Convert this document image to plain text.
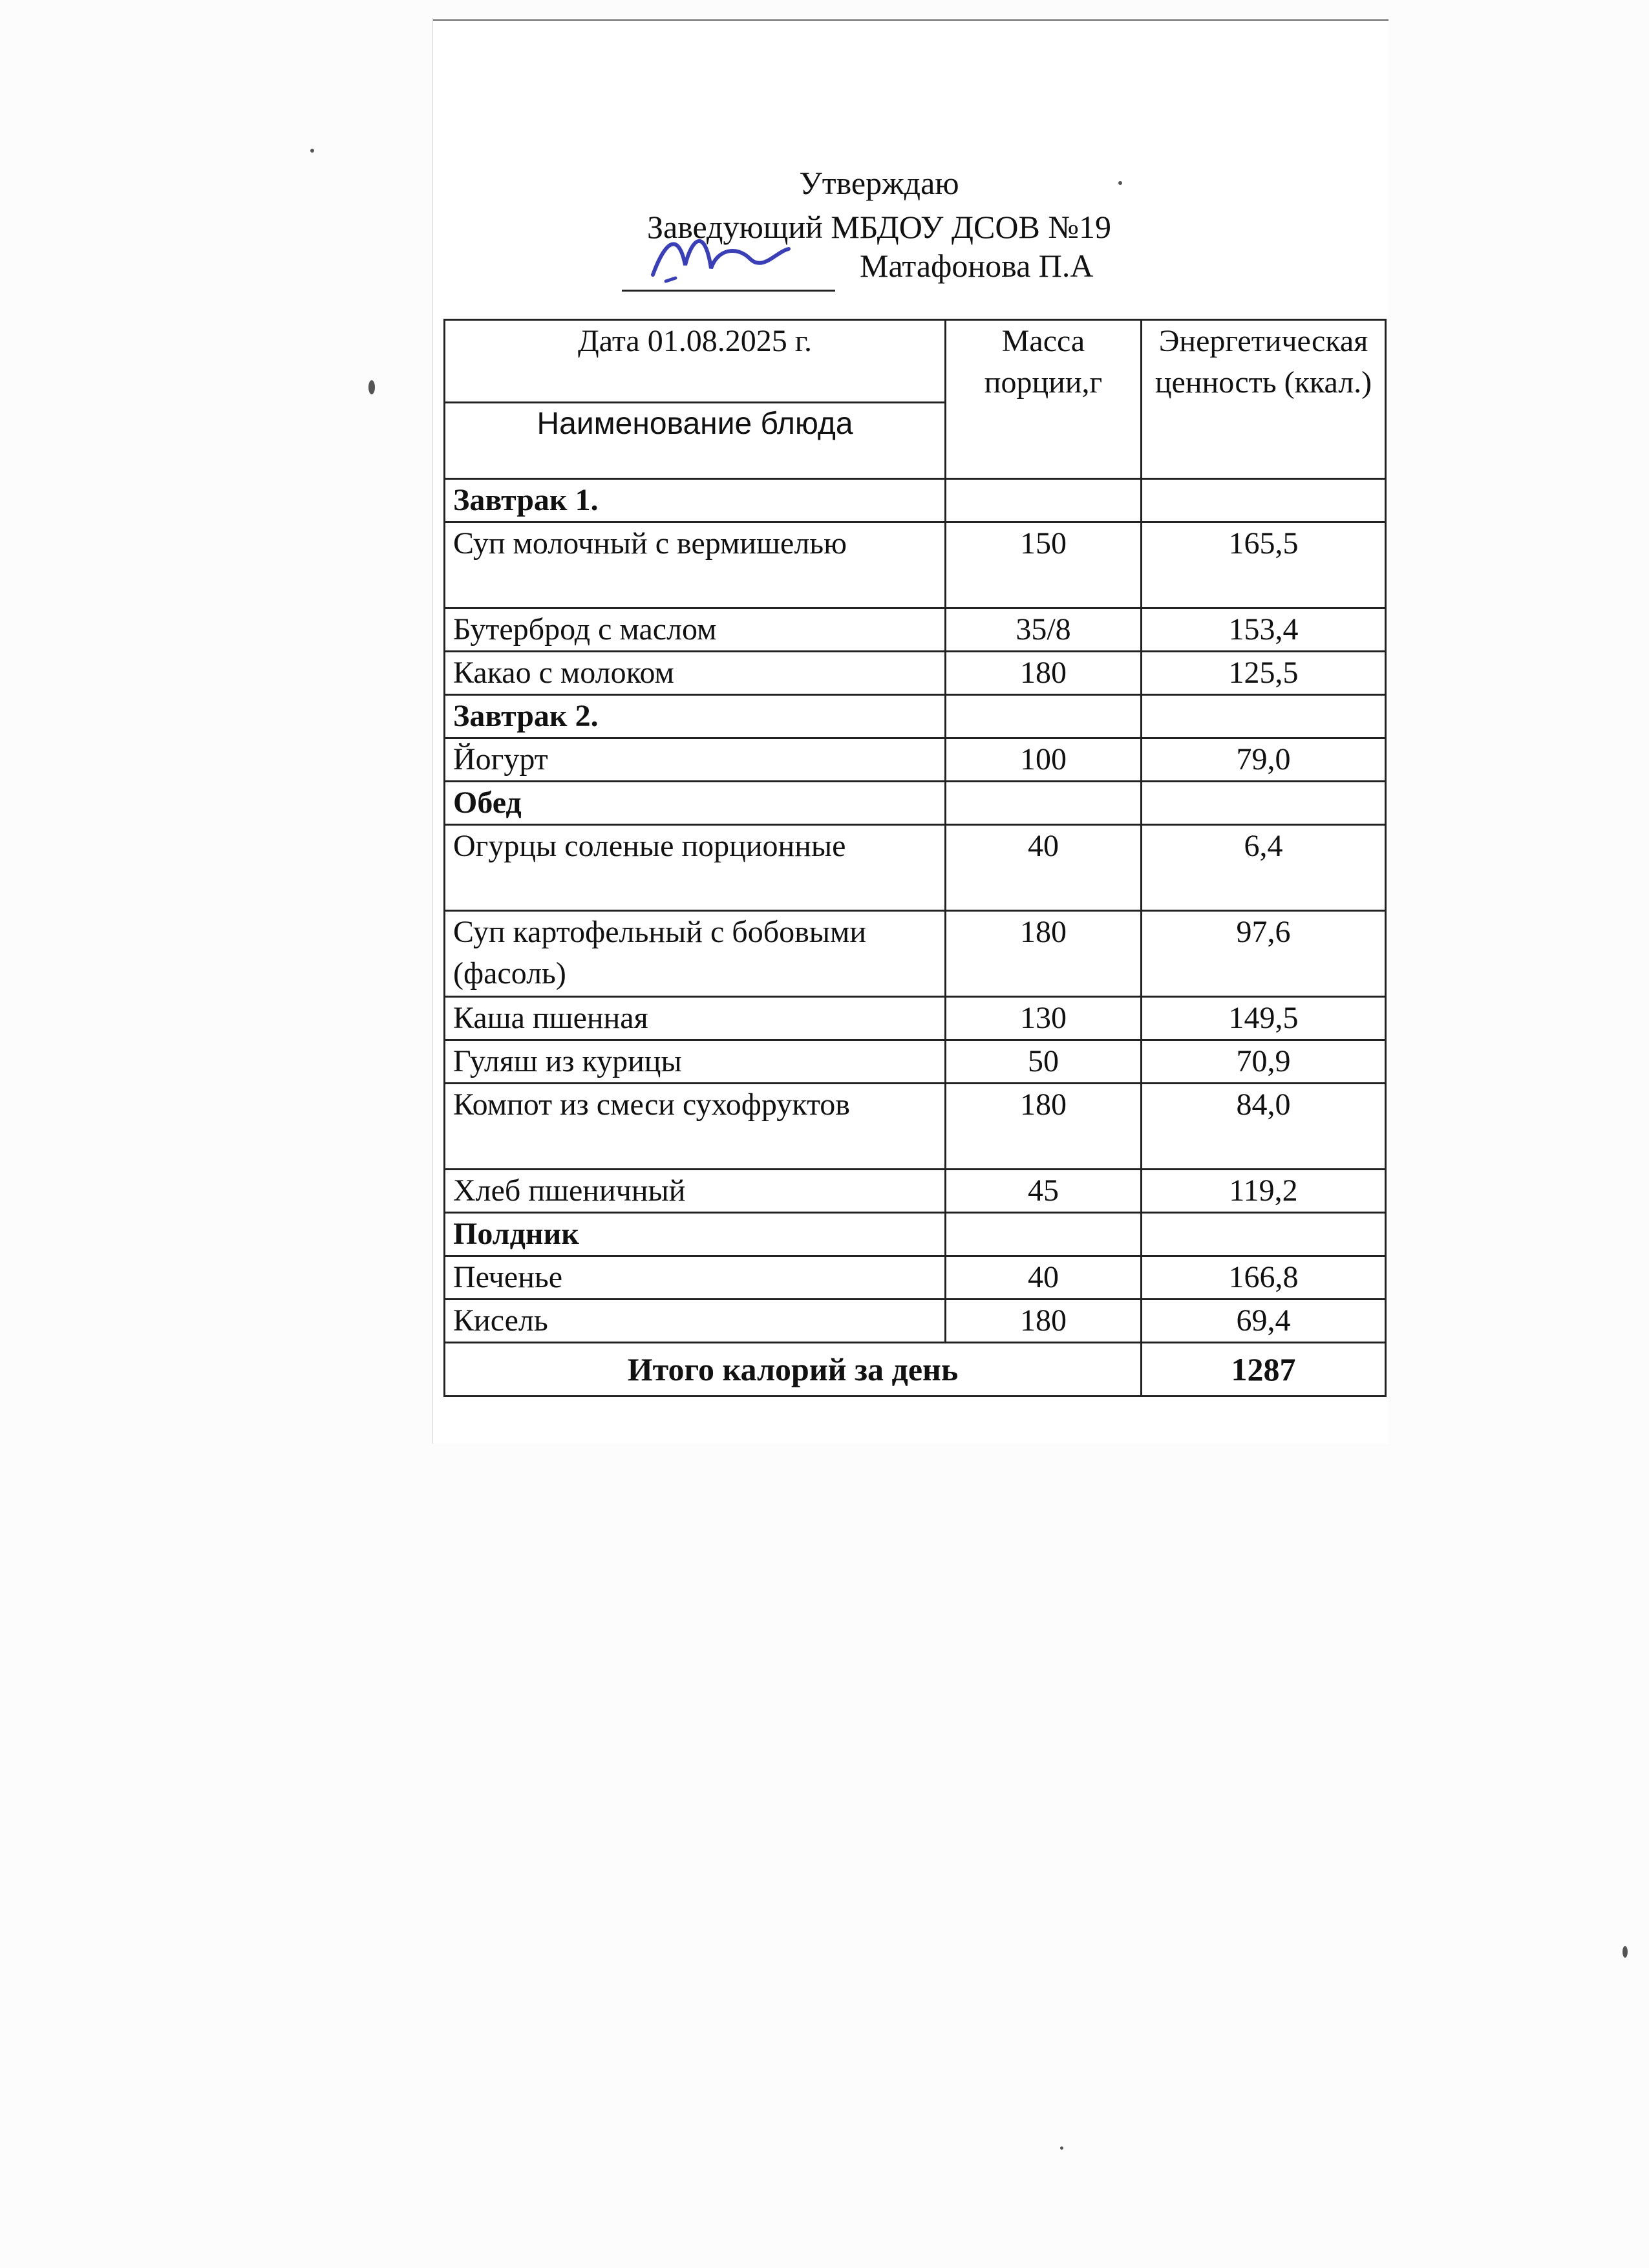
Утверждаю
Заведующий МБДОУ ДСОВ №19
Матафонова П.А
Дата 01.08.2025 г.	Масса порции,г	Энергетическая ценность (ккал.)
Наименование блюда		
Завтрак 1.		
Суп молочный с вермишелью	150	165,5
Бутерброд с маслом	35/8	153,4
Какао с молоком	180	125,5
Завтрак 2.		
Йогурт	100	79,0
Обед		
Огурцы соленые порционные	40	6,4
Суп картофельный с бобовыми (фасоль)	180	97,6
Каша пшенная	130	149,5
Гуляш из курицы	50	70,9
Компот из смеси сухофруктов	180	84,0
Хлеб пшеничный	45	119,2
Полдник		
Печенье	40	166,8
Кисель	180	69,4
Итого калорий за день		1287
